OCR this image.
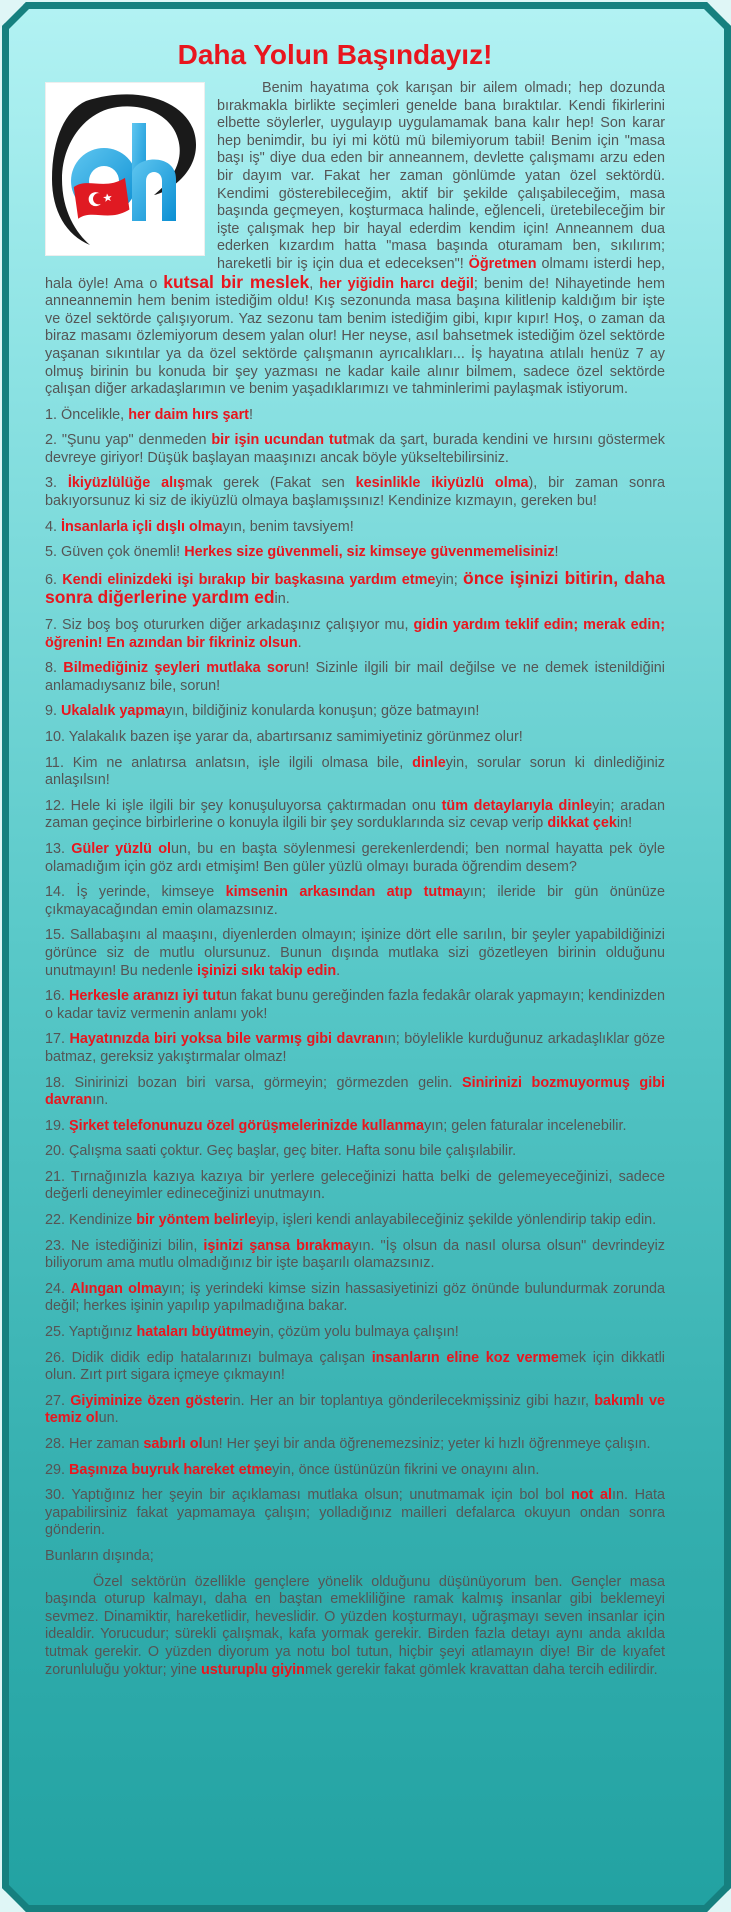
Daha Yolun Başındayız!

Benim hayatıma çok karışan bir ailem olmadı; hep dozunda bırakmakla birlikte seçimleri genelde bana bıraktılar. Kendi fikirlerini elbette söylerler, uygulayıp uygulamamak bana kalır hep! Son karar hep benimdir, bu iyi mi kötü mü bilemiyorum tabii! Benim için "masa başı iş" diye dua eden bir anneannem, devlette çalışmamı arzu eden bir dayım var. Fakat her zaman gönlümde yatan özel sektördü. Kendimi gösterebileceğim, aktif bir şekilde çalışabileceğim, masa başında geçmeyen, koşturmaca halinde, eğlenceli, üretebileceğim bir işte çalışmak hep bir hayal ederdim kendim için! Anneannem dua ederken kızardım hatta "masa başında oturamam ben, sıkılırım; hareketli bir iş için dua et edeceksen"! Öğretmen olmamı isterdi hep, hala öyle! Ama o kutsal bir meslek, her yiğidin harcı değil; benim de! Nihayetinde hem anneannemin hem benim istediğim oldu! Kış sezonunda masa başına kilitlenip kaldığım bir işte ve özel sektörde çalışıyorum. Yaz sezonu tam benim istediğim gibi, kıpır kıpır! Hoş, o zaman da biraz masamı özlemiyorum desem yalan olur! Her neyse, asıl bahsetmek istediğim özel sektörde yaşanan sıkıntılar ya da özel sektörde çalışmanın ayrıcalıkları... İş hayatına atılalı henüz 7 ay olmuş birinin bu konuda bir şey yazması ne kadar kaile alınır bilmem, sadece özel sektörde çalışan diğer arkadaşlarımın ve benim yaşadıklarımızı ve tahminlerimi paylaşmak istiyorum.

1. Öncelikle, her daim hırs şart!

2. "Şunu yap" denmeden bir işin ucundan tutmak da şart, burada kendini ve hırsını göstermek devreye giriyor! Düşük başlayan maaşınızı ancak böyle yükseltebilirsiniz.

3. İkiyüzlülüğe alışmak gerek (Fakat sen kesinlikle ikiyüzlü olma), bir zaman sonra bakıyorsunuz ki siz de ikiyüzlü olmaya başlamışsınız! Kendinize kızmayın, gereken bu!

4. İnsanlarla içli dışlı olmayın, benim tavsiyem!

5. Güven çok önemli! Herkes size güvenmeli, siz kimseye güvenmemelisiniz!

6. Kendi elinizdeki işi bırakıp bir başkasına yardım etmeyin; önce işinizi bitirin, daha sonra diğerlerine yardım edin.

7. Siz boş boş otururken diğer arkadaşınız çalışıyor mu, gidin yardım teklif edin; merak edin; öğrenin! En azından bir fikriniz olsun.

8. Bilmediğiniz şeyleri mutlaka sorun! Sizinle ilgili bir mail değilse ve ne demek istenildiğini anlamadıysanız bile, sorun!

9. Ukalalık yapmayın, bildiğiniz konularda konuşun; göze batmayın!

10. Yalakalık bazen işe yarar da, abartırsanız samimiyetiniz görünmez olur!

11. Kim ne anlatırsa anlatsın, işle ilgili olmasa bile, dinleyin, sorular sorun ki dinlediğiniz anlaşılsın!

12. Hele ki işle ilgili bir şey konuşuluyorsa çaktırmadan onu tüm detaylarıyla dinleyin; aradan zaman geçince birbirlerine o konuyla ilgili bir şey sorduklarında siz cevap verip dikkat çekin!

13. Güler yüzlü olun, bu en başta söylenmesi gerekenlerdendi; ben normal hayatta pek öyle olamadığım için göz ardı etmişim! Ben güler yüzlü olmayı burada öğrendim desem?

14. İş yerinde, kimseye kimsenin arkasından atıp tutmayın; ileride bir gün önünüze çıkmayacağından emin olamazsınız.

15. Sallabaşını al maaşını, diyenlerden olmayın; işinize dört elle sarılın, bir şeyler yapabildiğinizi görünce siz de mutlu olursunuz. Bunun dışında mutlaka sizi gözetleyen birinin olduğunu unutmayın! Bu nedenle işinizi sıkı takip edin.

16. Herkesle aranızı iyi tutun fakat bunu gereğinden fazla fedakâr olarak yapmayın; kendinizden o kadar taviz vermenin anlamı yok!

17. Hayatınızda biri yoksa bile varmış gibi davranın; böylelikle kurduğunuz arkadaşlıklar göze batmaz, gereksiz yakıştırmalar olmaz!

18. Sinirinizi bozan biri varsa, görmeyin; görmezden gelin. Sinirinizi bozmuyormuş gibi davranın.

19. Şirket telefonunuzu özel görüşmelerinizde kullanmayın; gelen faturalar incelenebilir.

20. Çalışma saati çoktur. Geç başlar, geç biter. Hafta sonu bile çalışılabilir.

21. Tırnağınızla kazıya kazıya bir yerlere geleceğinizi hatta belki de gelemeyeceğinizi, sadece değerli deneyimler edineceğinizi unutmayın.

22. Kendinize bir yöntem belirleyip, işleri kendi anlayabileceğiniz şekilde yönlendirip takip edin.

23. Ne istediğinizi bilin, işinizi şansa bırakmayın. "İş olsun da nasıl olursa olsun" devrindeyiz biliyorum ama mutlu olmadığınız bir işte başarılı olamazsınız.

24. Alıngan olmayın; iş yerindeki kimse sizin hassasiyetinizi göz önünde bulundurmak zorunda değil; herkes işinin yapılıp yapılmadığına bakar.

25. Yaptığınız hataları büyütmeyin, çözüm yolu bulmaya çalışın!

26. Didik didik edip hatalarınızı bulmaya çalışan insanların eline koz vermemek için dikkatli olun. Zırt pırt sigara içmeye çıkmayın!

27. Giyiminize özen gösterin. Her an bir toplantıya gönderilecekmişsiniz gibi hazır, bakımlı ve temiz olun.

28. Her zaman sabırlı olun! Her şeyi bir anda öğrenemezsiniz; yeter ki hızlı öğrenmeye çalışın.

29. Başınıza buyruk hareket etmeyin, önce üstünüzün fikrini ve onayını alın.

30. Yaptığınız her şeyin bir açıklaması mutlaka olsun; unutmamak için bol bol not alın. Hata yapabilirsiniz fakat yapmamaya çalışın; yolladığınız mailleri defalarca okuyun ondan sonra gönderin.

Bunların dışında;

Özel sektörün özellikle gençlere yönelik olduğunu düşünüyorum ben. Gençler masa başında oturup kalmayı, daha en baştan emekliliğine ramak kalmış insanlar gibi beklemeyi sevmez. Dinamiktir, hareketlidir, heveslidir. O yüzden koşturmayı, uğraşmayı seven insanlar için idealdir. Yorucudur; sürekli çalışmak, kafa yormak gerekir. Birden fazla detayı aynı anda akılda tutmak gerekir. O yüzden diyorum ya notu bol tutun, hiçbir şeyi atlamayın diye! Bir de kıyafet zorunluluğu yoktur; yine usturuplu giyinmek gerekir fakat gömlek kravattan daha tercih edilirdir.
